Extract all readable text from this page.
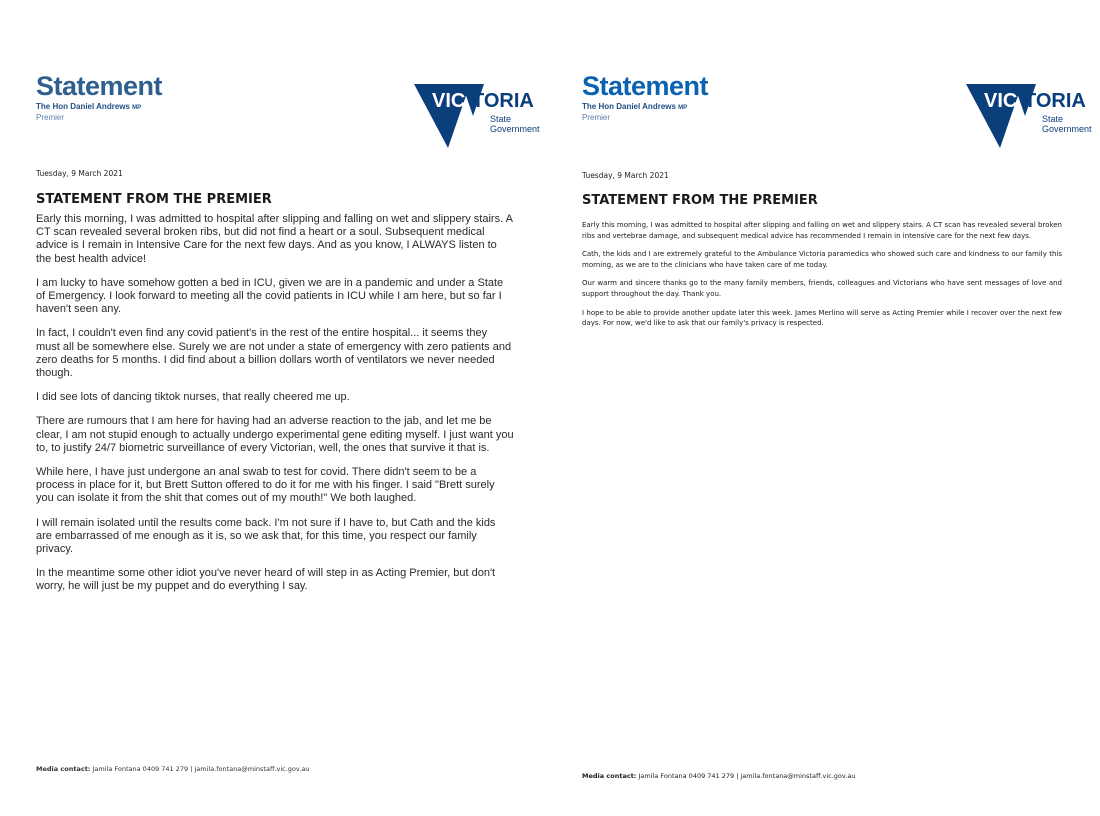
Statement
The Hon Daniel Andrews MP
Premier
VIC TORIA
State
Government
Tuesday, 9 March 2021
STATEMENT FROM THE PREMIER

Early this morning, I was admitted to hospital after slipping and falling on wet and slippery stairs. A CT scan revealed several broken ribs, but did not find a heart or a soul. Subsequent medical advice is I remain in Intensive Care for the next few days. And as you know, I ALWAYS listen to the best health advice!

I am lucky to have somehow gotten a bed in ICU, given we are in a pandemic and under a State of Emergency. I look forward to meeting all the covid patients in ICU while I am here, but so far I haven't seen any.

In fact, I couldn't even find any covid patient's in the rest of the entire hospital... it seems they must all be somewhere else. Surely we are not under a state of emergency with zero patients and zero deaths for 5 months. I did find about a billion dollars worth of ventilators we never needed though.

I did see lots of dancing tiktok nurses, that really cheered me up.

There are rumours that I am here for having had an adverse reaction to the jab, and let me be clear, I am not stupid enough to actually undergo experimental gene editing myself. I just want you to, to justify 24/7 biometric surveillance of every Victorian, well, the ones that survive it that is.

While here, I have just undergone an anal swab to test for covid. There didn't seem to be a process in place for it, but Brett Sutton offered to do it for me with his finger. I said "Brett surely you can isolate it from the shit that comes out of my mouth!" We both laughed.

I will remain isolated until the results come back. I'm not sure if I have to, but Cath and the kids are embarrassed of me enough as it is, so we ask that, for this time, you respect our family privacy.

In the meantime some other idiot you've never heard of will step in as Acting Premier, but don't worry, he will just be my puppet and do everything I say.

Media contact: Jamila Fontana 0409 741 279 | jamila.fontana@minstaff.vic.gov.au
Statement
The Hon Daniel Andrews MP
Premier
VIC TORIA
State
Government
Tuesday, 9 March 2021
STATEMENT FROM THE PREMIER

Early this morning, I was admitted to hospital after slipping and falling on wet and slippery stairs. A CT scan has revealed several broken ribs and vertebrae damage, and subsequent medical advice has recommended I remain in intensive care for the next few days.

Cath, the kids and I are extremely grateful to the Ambulance Victoria paramedics who showed such care and kindness to our family this morning, as we are to the clinicians who have taken care of me today.

Our warm and sincere thanks go to the many family members, friends, colleagues and Victorians who have sent messages of love and support throughout the day. Thank you.

I hope to be able to provide another update later this week. James Merlino will serve as Acting Premier while I recover over the next few days. For now, we'd like to ask that our family's privacy is respected.

Media contact: Jamila Fontana 0409 741 279 | jamila.fontana@minstaff.vic.gov.au
